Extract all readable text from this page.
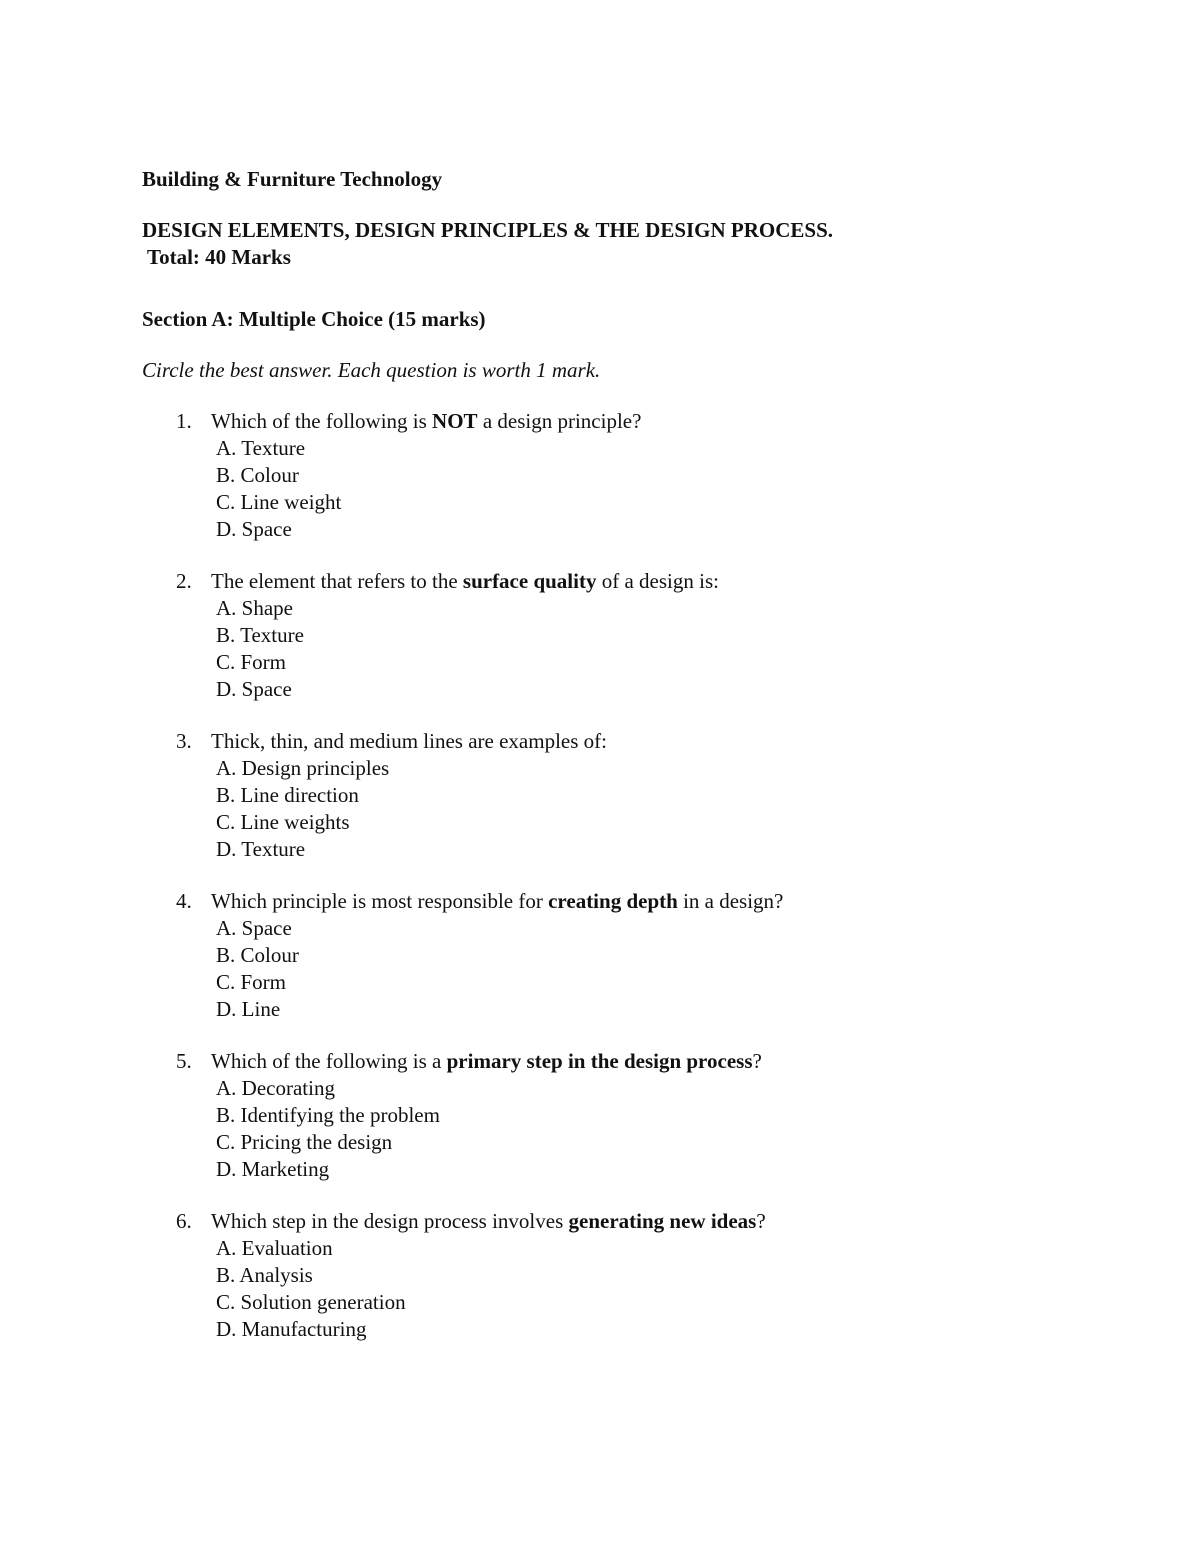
Building & Furniture Technology
DESIGN ELEMENTS, DESIGN PRINCIPLES & THE DESIGN PROCESS.
Total: 40 Marks
Section A: Multiple Choice (15 marks)
Circle the best answer. Each question is worth 1 mark.
1. Which of the following is NOT a design principle?
A. Texture
B. Colour
C. Line weight
D. Space
2. The element that refers to the surface quality of a design is:
A. Shape
B. Texture
C. Form
D. Space
3. Thick, thin, and medium lines are examples of:
A. Design principles
B. Line direction
C. Line weights
D. Texture
4. Which principle is most responsible for creating depth in a design?
A. Space
B. Colour
C. Form
D. Line
5. Which of the following is a primary step in the design process?
A. Decorating
B. Identifying the problem
C. Pricing the design
D. Marketing
6. Which step in the design process involves generating new ideas?
A. Evaluation
B. Analysis
C. Solution generation
D. Manufacturing
